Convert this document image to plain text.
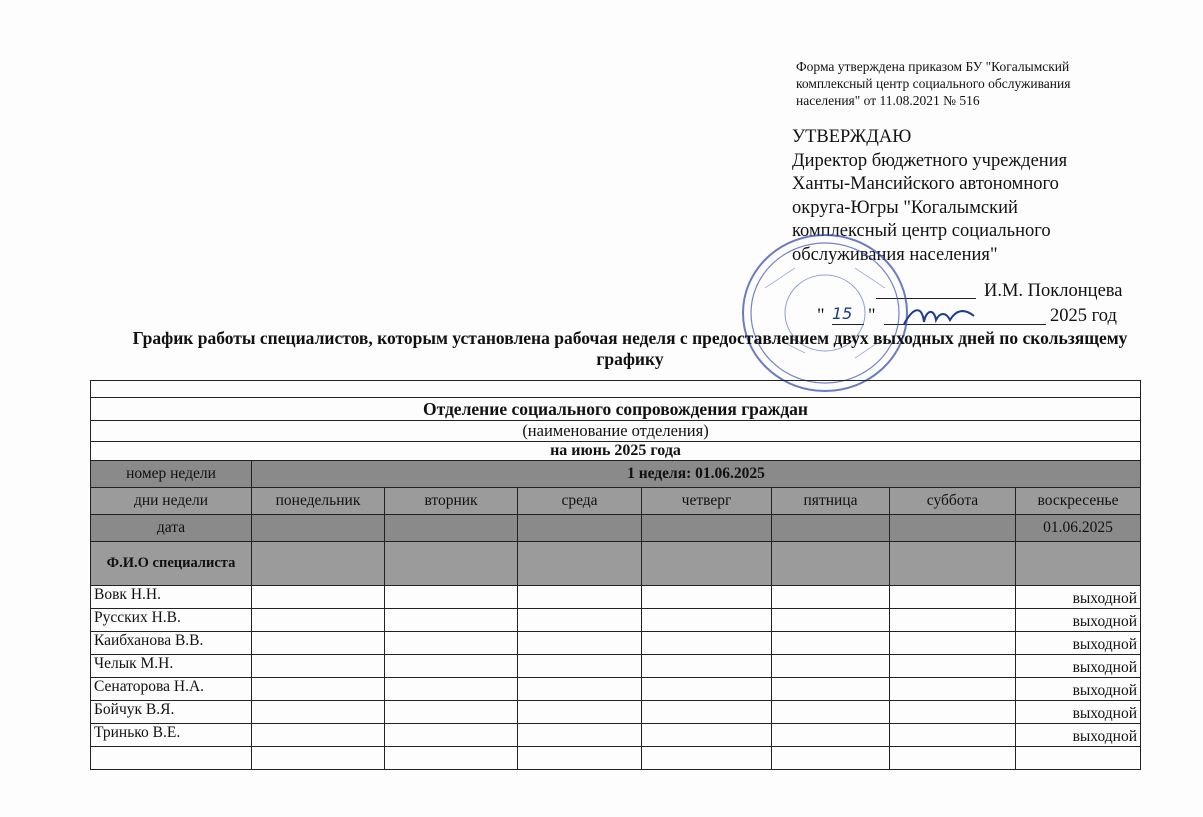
Форма утверждена приказом БУ "Когалымский комплексный центр социального обслуживания населения" от 11.08.2021 № 516
УТВЕРЖДАЮ
Директор бюджетного учреждения
Ханты-Мансийского автономного
округа-Югры "Когалымский
комплексный центр социального
обслуживания населения"
И.М. Поклонцева
" 15 "	2025 год
График работы специалистов, которым установлена рабочая неделя с предоставлением двух выходных дней по скользящему графику

Отделение социального сопровождения граждан							
(наименование отделения)							
на июнь 2025 года							
номер недели	1 неделя: 01.06.2025						
дни недели	понедельник	вторник	среда	четверг	пятница	суббота	воскресенье
дата							01.06.2025
Ф.И.О специалиста							
Вовк Н.Н.							выходной
Русских Н.В.							выходной
Каибханова В.В.							выходной
Челык М.Н.							выходной
Сенаторова Н.А.							выходной
Бойчук В.Я.							выходной
Тринько В.Е.							выходной
